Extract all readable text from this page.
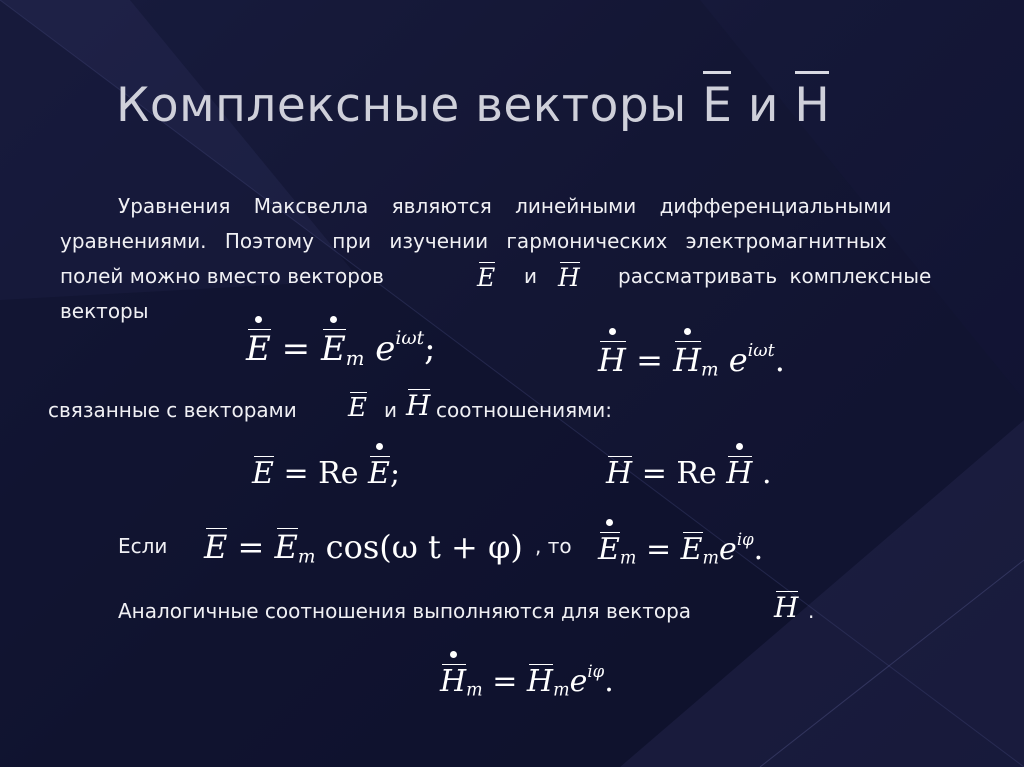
Комплексные векторы Е и Н
Уравнения Максвелла являются линейными дифференциальными
уравнениями. Поэтому при изучении гармонических электромагнитных
полей можно вместо векторов	E и H рассматривать комплексные
векторы
$E = E_m$ $e^{i\omega t}$;	$H = H_m$ $e^{i\omega t}$.
связанные с векторами E и H соотношениями:
E = Re E;	H = Re H .
Если $E = E_m$ cos(ω t + φ) , то $E_m = E_me^{i\varphi}$.
Аналогичные соотношения выполняются для вектора	H .
$H_m = H_me^{i\varphi}$.
